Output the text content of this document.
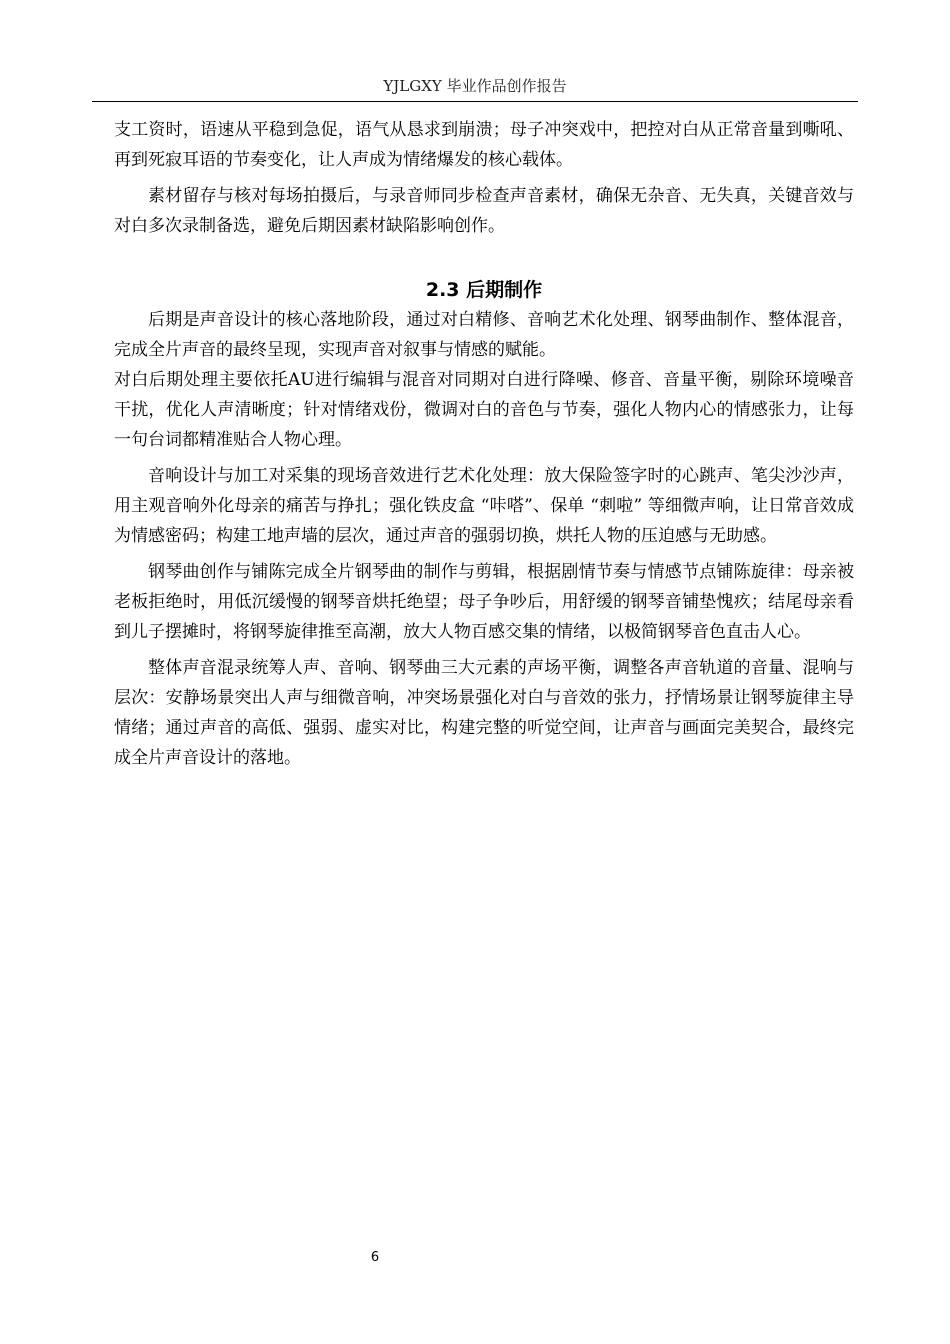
YJLGXY 毕业作品创作报告

支工资时，语速从平稳到急促，语气从恳求到崩溃；母子冲突戏中，把控对白从正常音量到嘶吼、再到死寂耳语的节奏变化，让人声成为情绪爆发的核心载体。

素材留存与核对每场拍摄后，与录音师同步检查声音素材，确保无杂音、无失真，关键音效与对白多次录制备选，避免后期因素材缺陷影响创作。

2.3 后期制作

后期是声音设计的核心落地阶段，通过对白精修、音响艺术化处理、钢琴曲制作、整体混音，完成全片声音的最终呈现，实现声音对叙事与情感的赋能。

对白后期处理主要依托AU进行编辑与混音对同期对白进行降噪、修音、音量平衡，剔除环境噪音干扰，优化人声清晰度；针对情绪戏份，微调对白的音色与节奏，强化人物内心的情感张力，让每一句台词都精准贴合人物心理。

音响设计与加工对采集的现场音效进行艺术化处理：放大保险签字时的心跳声、笔尖沙沙声，用主观音响外化母亲的痛苦与挣扎；强化铁皮盒 “咔嗒”、保单 “刺啦” 等细微声响，让日常音效成为情感密码；构建工地声墙的层次，通过声音的强弱切换，烘托人物的压迫感与无助感。

钢琴曲创作与铺陈完成全片钢琴曲的制作与剪辑，根据剧情节奏与情感节点铺陈旋律：母亲被老板拒绝时，用低沉缓慢的钢琴音烘托绝望；母子争吵后，用舒缓的钢琴音铺垫愧疚；结尾母亲看到儿子摆摊时，将钢琴旋律推至高潮，放大人物百感交集的情绪，以极简钢琴音色直击人心。

整体声音混录统筹人声、音响、钢琴曲三大元素的声场平衡，调整各声音轨道的音量、混响与层次：安静场景突出人声与细微音响，冲突场景强化对白与音效的张力，抒情场景让钢琴旋律主导情绪；通过声音的高低、强弱、虚实对比，构建完整的听觉空间，让声音与画面完美契合，最终完成全片声音设计的落地。

6
